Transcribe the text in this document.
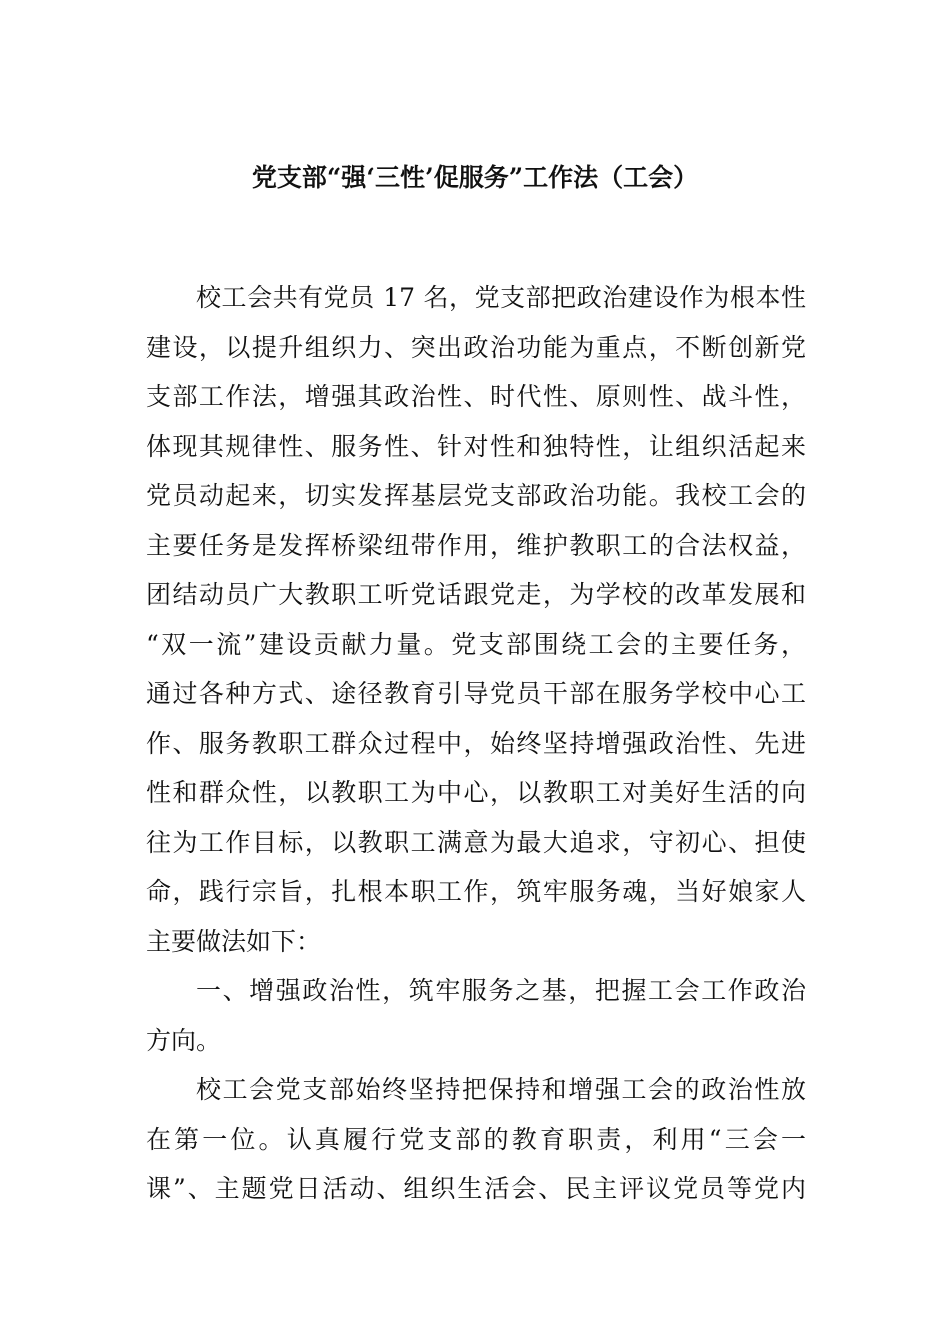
党支部“强‘三性’促服务”工作法（工会）
校工会共有党员 17 名，党支部把政治建设作为根本性
建设，以提升组织力、突出政治功能为重点，不断创新党
支部工作法，增强其政治性、时代性、原则性、战斗性，
体现其规律性、服务性、针对性和独特性，让组织活起来
党员动起来，切实发挥基层党支部政治功能。我校工会的
主要任务是发挥桥梁纽带作用，维护教职工的合法权益，
团结动员广大教职工听党话跟党走，为学校的改革发展和
“双一流”建设贡献力量。党支部围绕工会的主要任务，
通过各种方式、途径教育引导党员干部在服务学校中心工
作、服务教职工群众过程中，始终坚持增强政治性、先进
性和群众性，以教职工为中心，以教职工对美好生活的向
往为工作目标，以教职工满意为最大追求，守初心、担使
命，践行宗旨，扎根本职工作，筑牢服务魂，当好娘家人
主要做法如下：
一、增强政治性，筑牢服务之基，把握工会工作政治
方向。
校工会党支部始终坚持把保持和增强工会的政治性放
在第一位。认真履行党支部的教育职责，利用“三会一
课”、主题党日活动、组织生活会、民主评议党员等党内
